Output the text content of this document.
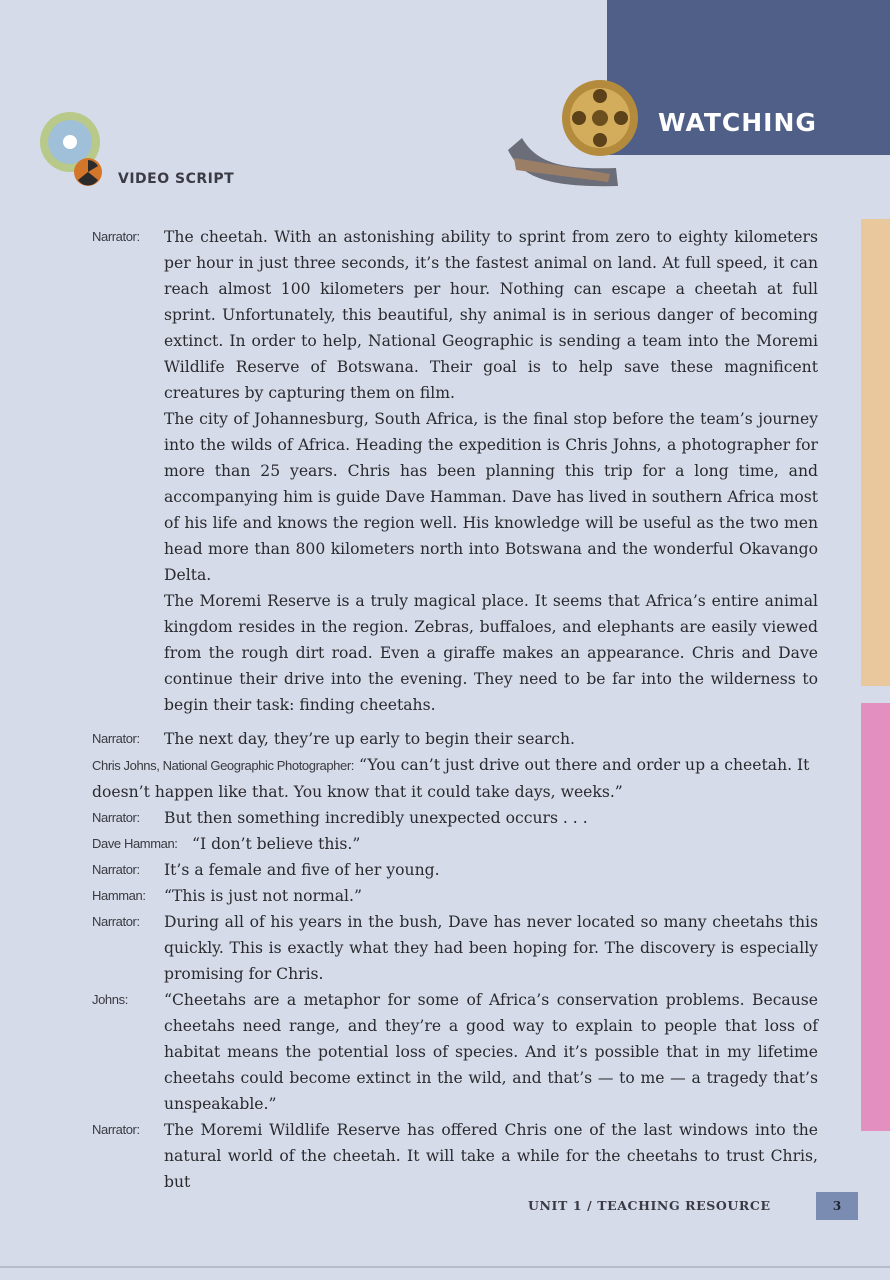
WATCHING
VIDEO SCRIPT
Narrator: The cheetah. With an astonishing ability to sprint from zero to eighty kilometers per hour in just three seconds, it’s the fastest animal on land. At full speed, it can reach almost 100 kilometers per hour. Nothing can escape a cheetah at full sprint. Unfortunately, this beautiful, shy animal is in serious danger of becoming extinct. In order to help, National Geographic is sending a team into the Moremi Wildlife Reserve of Botswana. Their goal is to help save these magnificent creatures by capturing them on film.
The city of Johannesburg, South Africa, is the final stop before the team’s journey into the wilds of Africa. Heading the expedition is Chris Johns, a photographer for more than 25 years. Chris has been planning this trip for a long time, and accompanying him is guide Dave Hamman. Dave has lived in southern Africa most of his life and knows the region well. His knowledge will be useful as the two men head more than 800 kilometers north into Botswana and the wonderful Okavango Delta.
The Moremi Reserve is a truly magical place. It seems that Africa’s entire animal kingdom resides in the region. Zebras, buffaloes, and elephants are easily viewed from the rough dirt road. Even a giraffe makes an appearance. Chris and Dave continue their drive into the evening. They need to be far into the wilderness to begin their task: finding cheetahs.
Narrator: The next day, they’re up early to begin their search.
Chris Johns, National Geographic Photographer: “You can’t just drive out there and order up a cheetah. It doesn’t happen like that. You know that it could take days, weeks.”
Narrator: But then something incredibly unexpected occurs . . .
Dave Hamman: “I don’t believe this.”
Narrator: It’s a female and five of her young.
Hamman: “This is just not normal.”
Narrator: During all of his years in the bush, Dave has never located so many cheetahs this quickly. This is exactly what they had been hoping for. The discovery is especially promising for Chris.
Johns: “Cheetahs are a metaphor for some of Africa’s conservation problems. Because cheetahs need range, and they’re a good way to explain to people that loss of habitat means the potential loss of species. And it’s possible that in my lifetime cheetahs could become extinct in the wild, and that’s — to me — a tragedy that’s unspeakable.”
Narrator: The Moremi Wildlife Reserve has offered Chris one of the last windows into the natural world of the cheetah. It will take a while for the cheetahs to trust Chris, but
UNIT 1 / TEACHING RESOURCE	3
